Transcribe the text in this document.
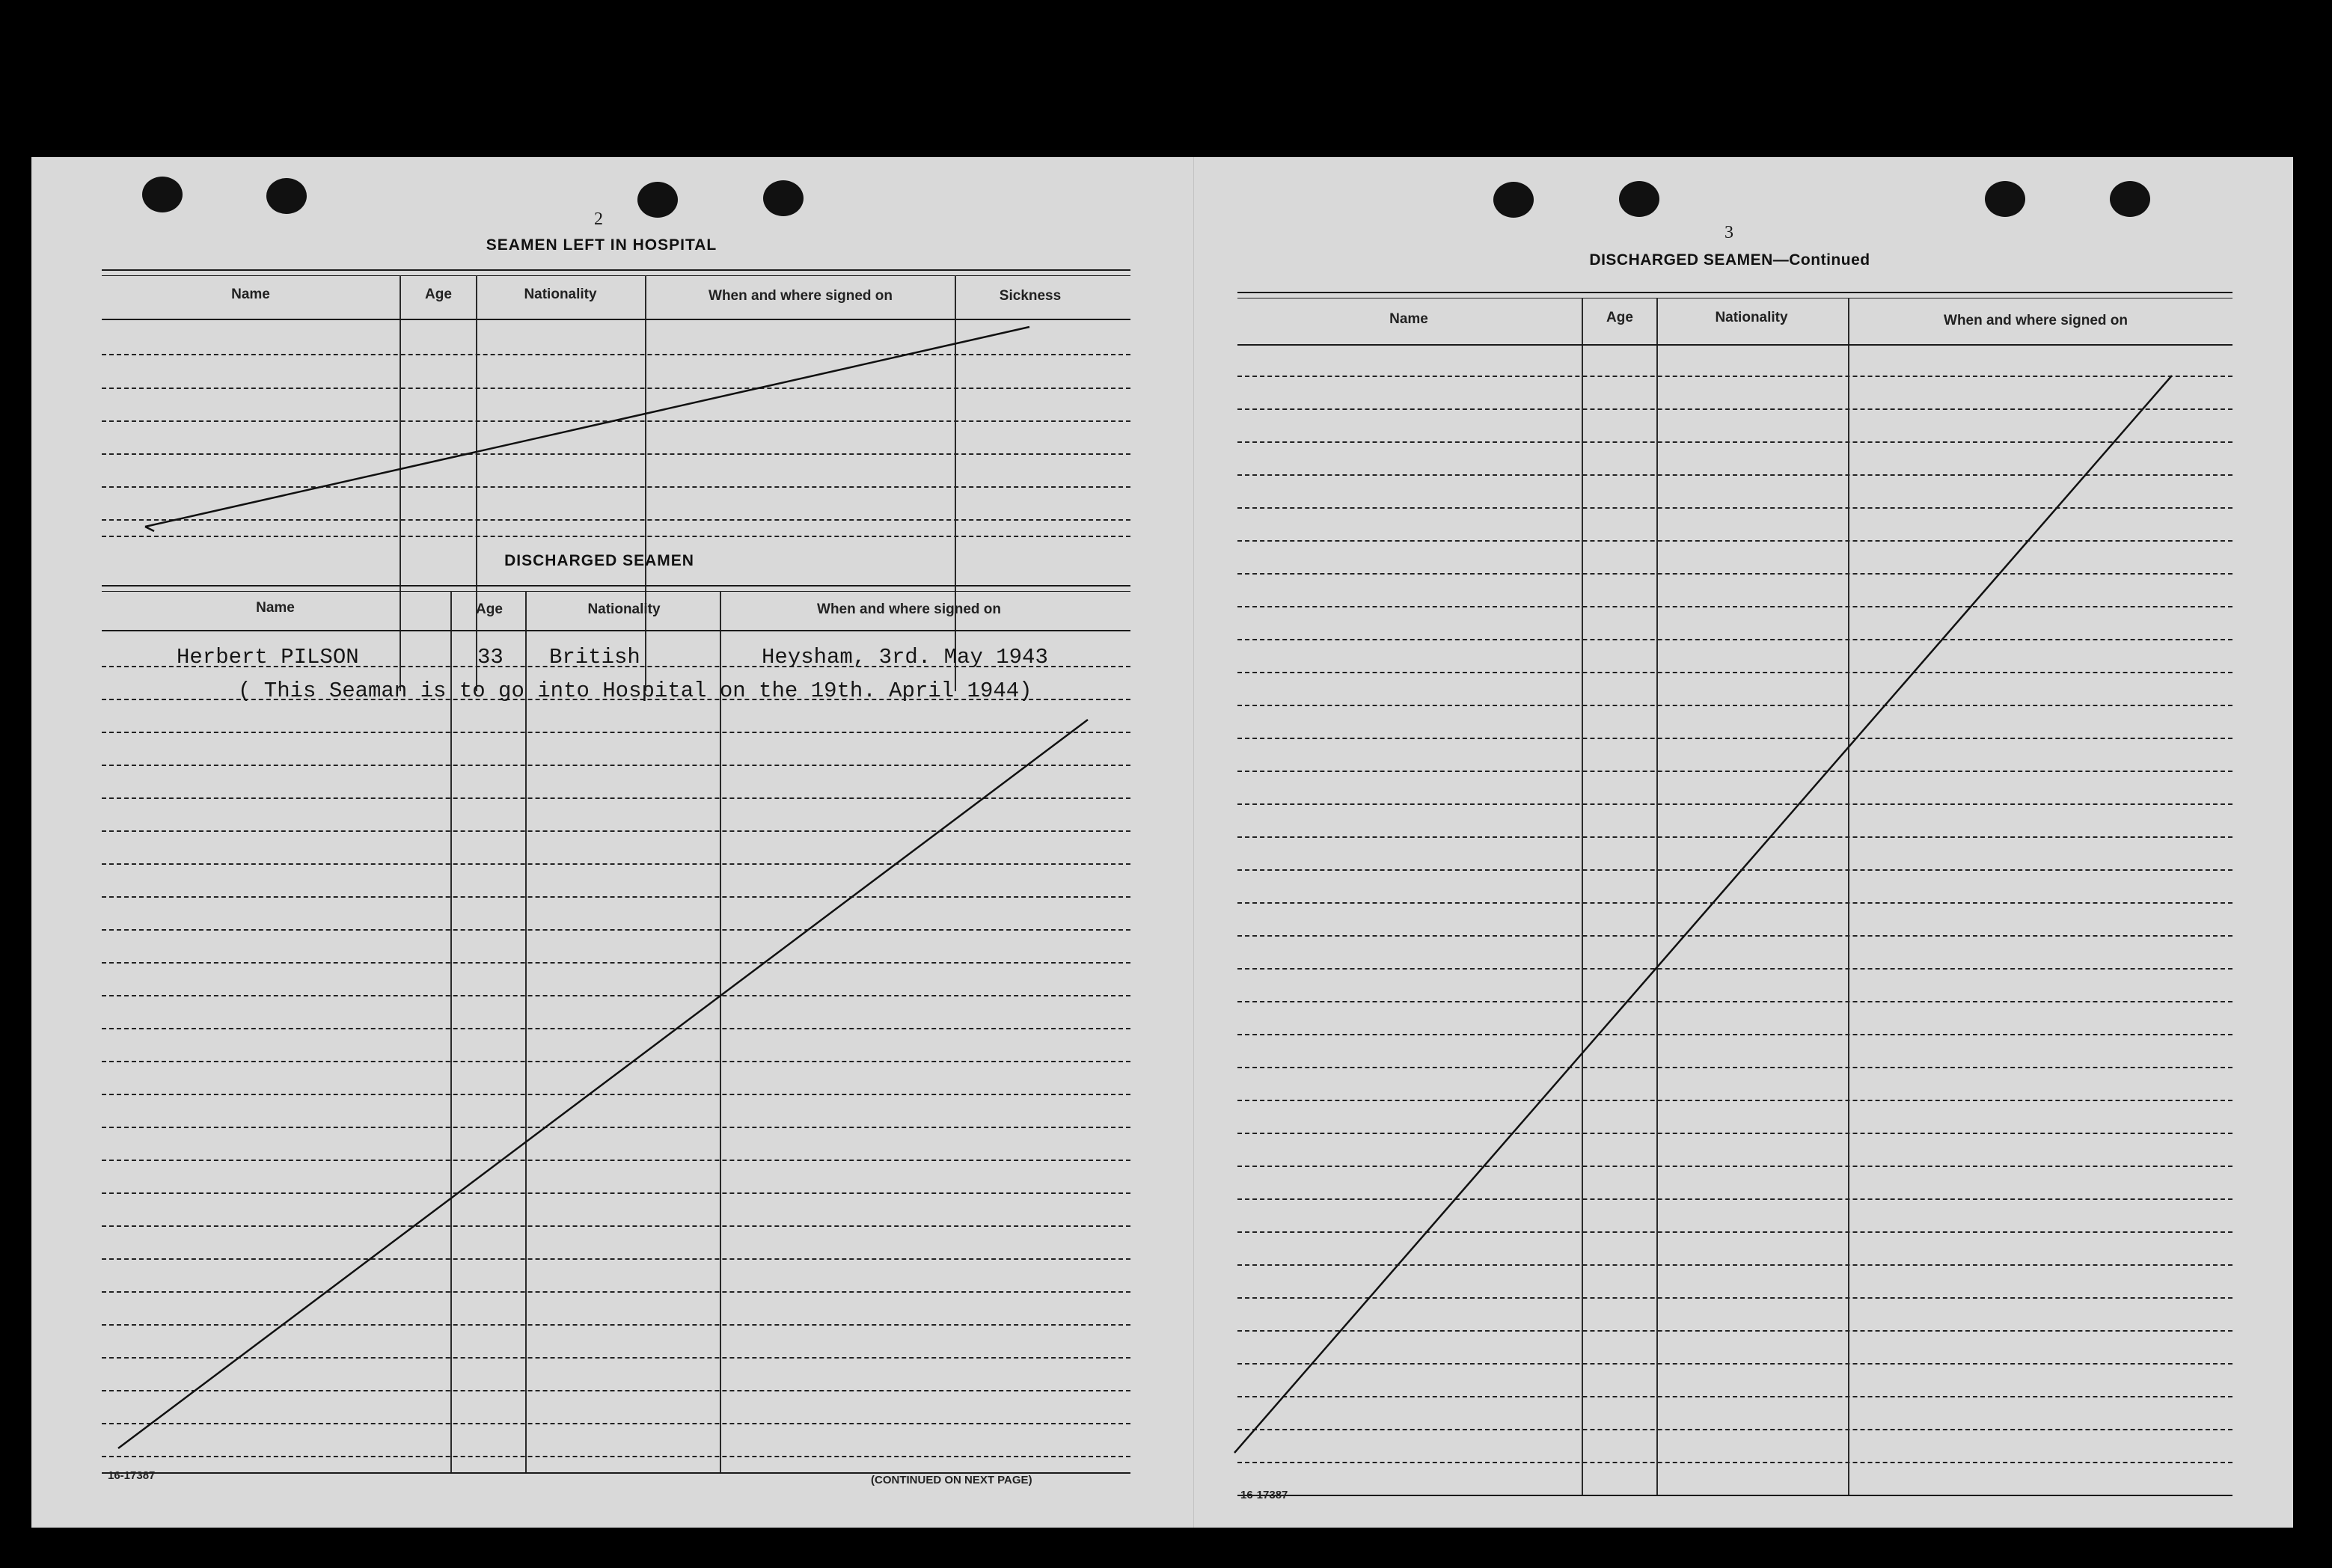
2
SEAMEN LEFT IN HOSPITAL
Name	Age	Nationality	When and where signed on	Sickness
DISCHARGED SEAMEN
Name	Age	Nationality	When and where signed on
Herbert PILSON	33 British	Heysham, 3rd. May 1943
( This Seaman is to go into Hospital on the 19th. April 1944)
16-17387	(CONTINUED ON NEXT PAGE)
3
DISCHARGED SEAMEN—Continued
Name	Age	Nationality	When and where signed on
16-17387
